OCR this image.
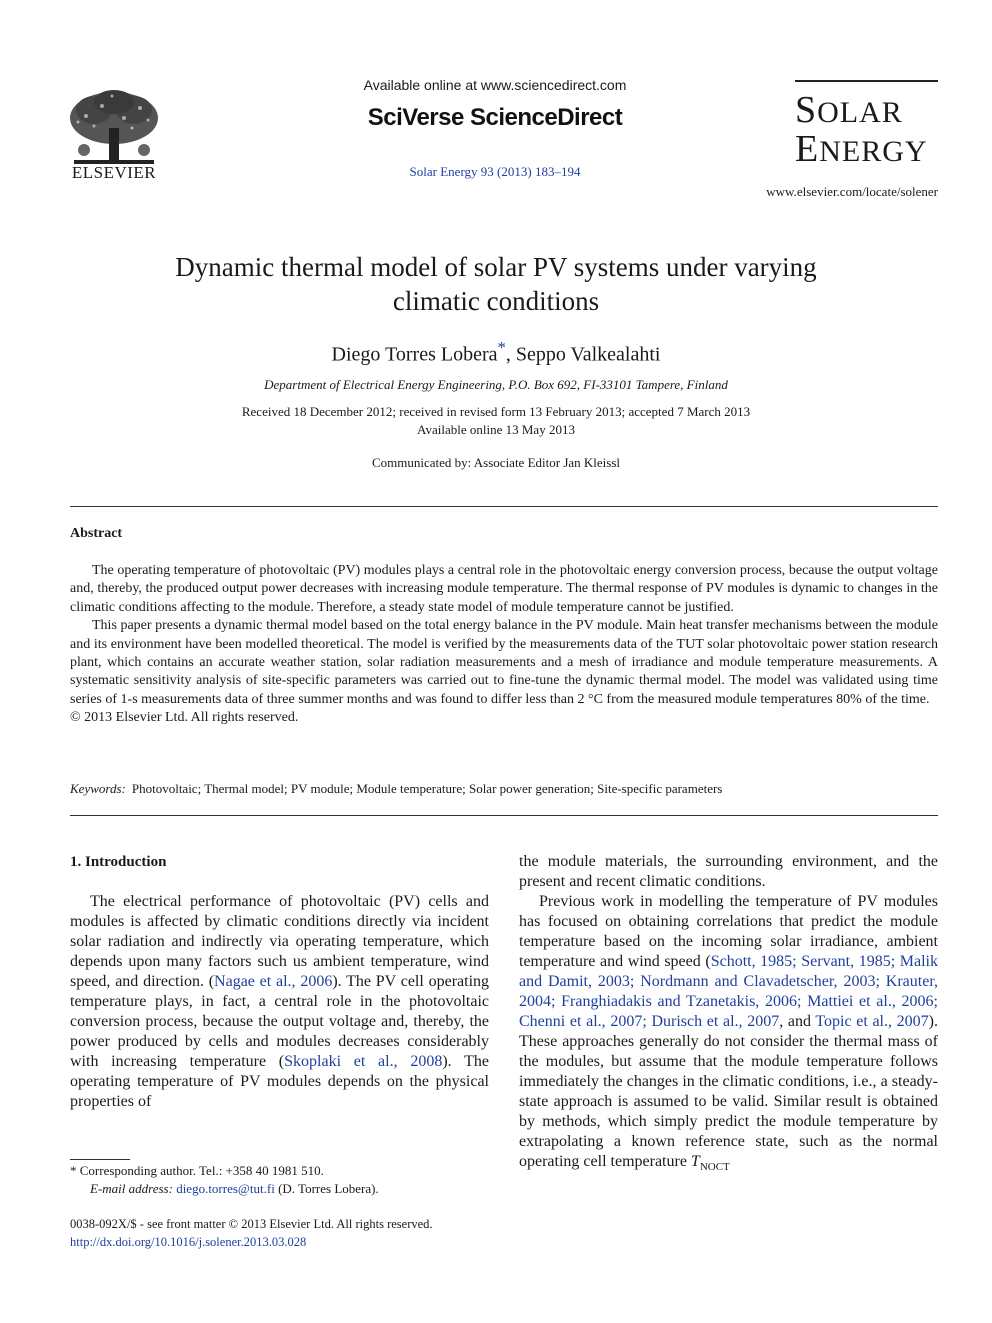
ELSEVIER
Available online at www.sciencedirect.com
SciVerse ScienceDirect
Solar Energy 93 (2013) 183–194
SOLAR
ENERGY
www.elsevier.com/locate/solener
Dynamic thermal model of solar PV systems under varying
climatic conditions
Diego Torres Lobera*, Seppo Valkealahti
Department of Electrical Energy Engineering, P.O. Box 692, FI-33101 Tampere, Finland
Received 18 December 2012; received in revised form 13 February 2013; accepted 7 March 2013
Available online 13 May 2013
Communicated by: Associate Editor Jan Kleissl
Abstract

The operating temperature of photovoltaic (PV) modules plays a central role in the photovoltaic energy conversion process, because the output voltage and, thereby, the produced output power decreases with increasing module temperature. The thermal response of PV modules is dynamic to changes in the climatic conditions affecting to the module. Therefore, a steady state model of module temperature cannot be justified.

This paper presents a dynamic thermal model based on the total energy balance in the PV module. Main heat transfer mechanisms between the module and its environment have been modelled theoretical. The model is verified by the measurements data of the TUT solar photovoltaic power station research plant, which contains an accurate weather station, solar radiation measurements and a mesh of irradiance and module temperature measurements. A systematic sensitivity analysis of site-specific parameters was carried out to fine-tune the dynamic thermal model. The model was validated using time series of 1-s measurements data of three summer months and was found to differ less than 2 °C from the measured module temperatures 80% of the time.

© 2013 Elsevier Ltd. All rights reserved.

Keywords: Photovoltaic; Thermal model; PV module; Module temperature; Solar power generation; Site-specific parameters
1. Introduction

The electrical performance of photovoltaic (PV) cells and modules is affected by climatic conditions directly via incident solar radiation and indirectly via operating temperature, which depends upon many factors such us ambient temperature, wind speed, and direction. (Nagae et al., 2006). The PV cell operating temperature plays, in fact, a central role in the photovoltaic conversion process, because the output voltage and, thereby, the power produced by cells and modules decreases considerably with increasing temperature (Skoplaki et al., 2008). The operating temperature of PV modules depends on the physical properties of

the module materials, the surrounding environment, and the present and recent climatic conditions.

Previous work in modelling the temperature of PV modules has focused on obtaining correlations that predict the module temperature based on the incoming solar irradiance, ambient temperature and wind speed (Schott, 1985; Servant, 1985; Malik and Damit, 2003; Nordmann and Clavadetscher, 2003; Krauter, 2004; Franghiadakis and Tzanetakis, 2006; Mattiei et al., 2006; Chenni et al., 2007; Durisch et al., 2007, and Topic et al., 2007). These approaches generally do not consider the thermal mass of the modules, but assume that the module temperature follows immediately the changes in the climatic conditions, i.e., a steady-state approach is assumed to be valid. Similar result is obtained by methods, which simply predict the module temperature by extrapolating a known reference state, such as the normal operating cell temperature $T_{NOCT}$

* Corresponding author. Tel.: +358 40 1981 510.
E-mail address: diego.torres@tut.fi (D. Torres Lobera).
0038-092X/$ - see front matter © 2013 Elsevier Ltd. All rights reserved.
http://dx.doi.org/10.1016/j.solener.2013.03.028
